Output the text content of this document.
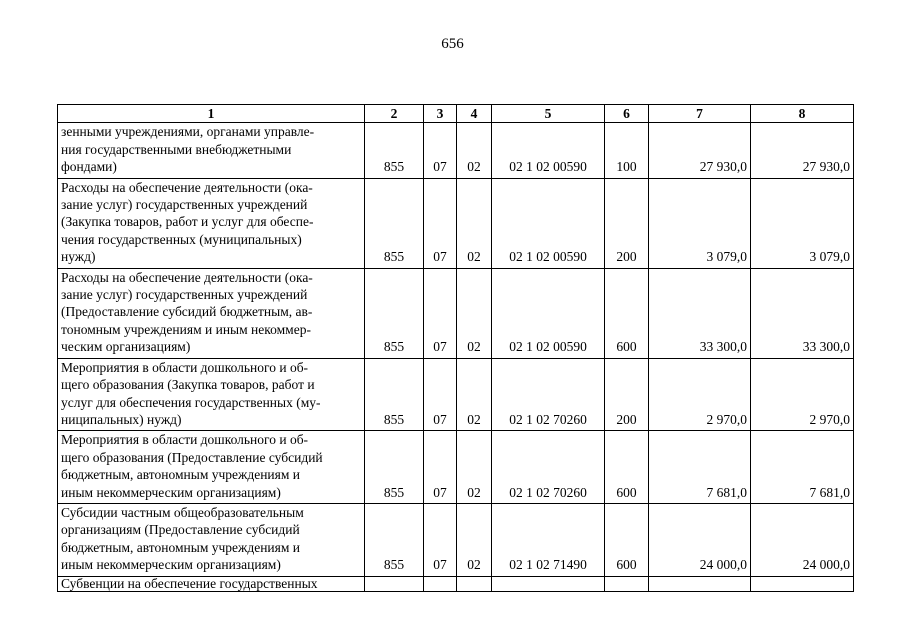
656
1	2	3	4	5	6	7	8
зенными учреждениями, органами управле-
ния государственными внебюджетными
фондами)	855	07	02	02 1 02 00590	100	27 930,0	27 930,0
Расходы на обеспечение деятельности (ока-
зание услуг) государственных учреждений
(Закупка товаров, работ и услуг для обеспе-
чения государственных (муниципальных)
нужд)	855	07	02	02 1 02 00590	200	3 079,0	3 079,0
Расходы на обеспечение деятельности (ока-
зание услуг) государственных учреждений
(Предоставление субсидий бюджетным, ав-
тономным учреждениям и иным некоммер-
ческим организациям)	855	07	02	02 1 02 00590	600	33 300,0	33 300,0
Мероприятия в области дошкольного и об-
щего образования (Закупка товаров, работ и
услуг для обеспечения государственных (му-
ниципальных) нужд)	855	07	02	02 1 02 70260	200	2 970,0	2 970,0
Мероприятия в области дошкольного и об-
щего образования (Предоставление субсидий
бюджетным, автономным учреждениям и
иным некоммерческим организациям)	855	07	02	02 1 02 70260	600	7 681,0	7 681,0
Субсидии частным общеобразовательным
организациям (Предоставление субсидий
бюджетным, автономным учреждениям и
иным некоммерческим организациям)	855	07	02	02 1 02 71490	600	24 000,0	24 000,0
Субвенции на обеспечение государственных							
